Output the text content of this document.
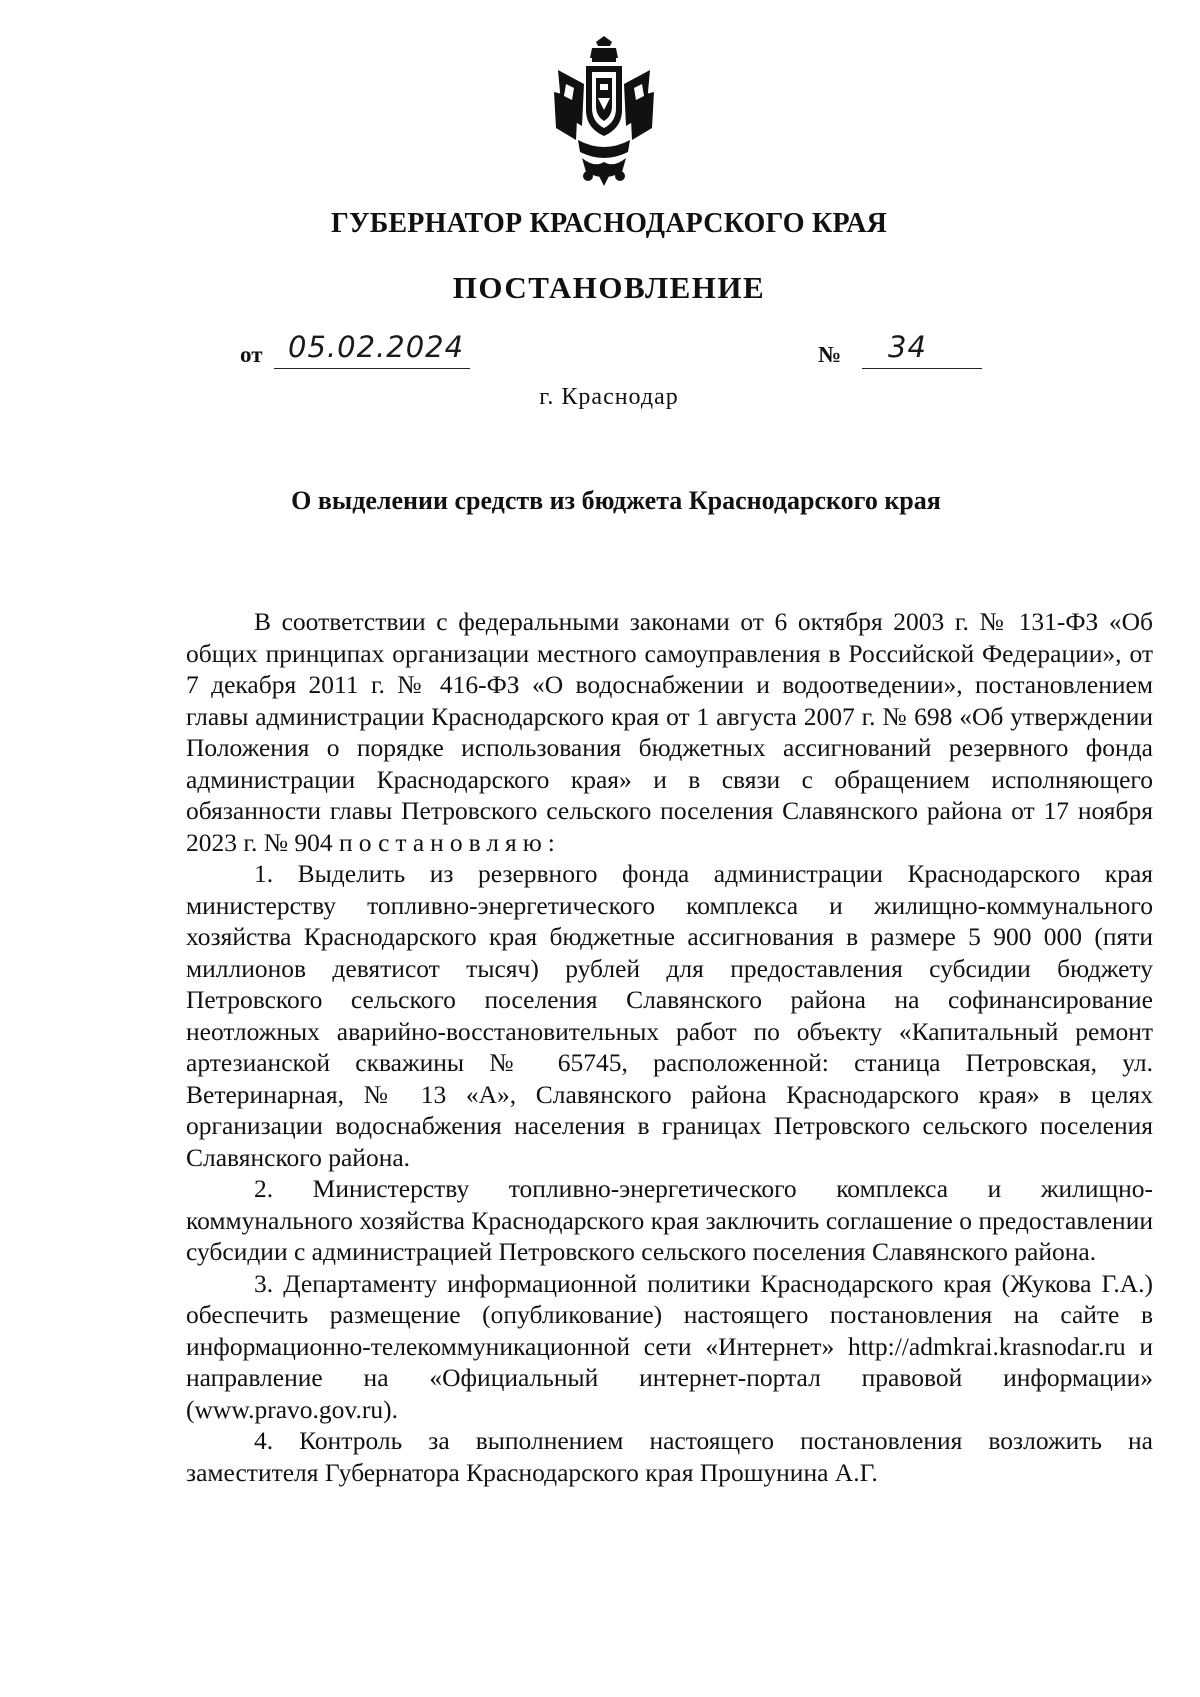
ГУБЕРНАТОР КРАСНОДАРСКОГО КРАЯ
ПОСТАНОВЛЕНИЕ
от 05.02.2024	№ 34
г. Краснодар
О выделении средств из бюджета Краснодарского края

В соответствии с федеральными законами от 6 октября 2003 г. № 131-ФЗ «Об общих принципах организации местного самоуправления в Российской Федерации», от 7 декабря 2011 г. № 416-ФЗ «О водоснабжении и водоотведении», постановлением главы администрации Краснодарского края от 1 августа 2007 г. № 698 «Об утверждении Положения о порядке использования бюджетных ассигнований резервного фонда администрации Краснодарского края» и в связи с обращением исполняющего обязанности главы Петровского сельского поселения Славянского района от 17 ноября 2023 г. № 904 постановляю:

1. Выделить из резервного фонда администрации Краснодарского края министерству топливно-энергетического комплекса и жилищно-коммунального хозяйства Краснодарского края бюджетные ассигнования в размере 5 900 000 (пяти миллионов девятисот тысяч) рублей для предоставления субсидии бюджету Петровского сельского поселения Славянского района на софинансирование неотложных аварийно-восстановительных работ по объекту «Капитальный ремонт артезианской скважины № 65745, расположенной: станица Петровская, ул. Ветеринарная, № 13 «А», Славянского района Краснодарского края» в целях организации водоснабжения населения в границах Петровского сельского поселения Славянского района.

2. Министерству топливно-энергетического комплекса и жилищно-коммунального хозяйства Краснодарского края заключить соглашение о предоставлении субсидии с администрацией Петровского сельского поселения Славянского района.

3. Департаменту информационной политики Краснодарского края (Жукова Г.А.) обеспечить размещение (опубликование) настоящего постановления на сайте в информационно-телекоммуникационной сети «Интернет» http://admkrai.krasnodar.ru и направление на «Официальный интернет-портал правовой информации» (www.pravo.gov.ru).

4. Контроль за выполнением настоящего постановления возложить на заместителя Губернатора Краснодарского края Прошунина А.Г.
